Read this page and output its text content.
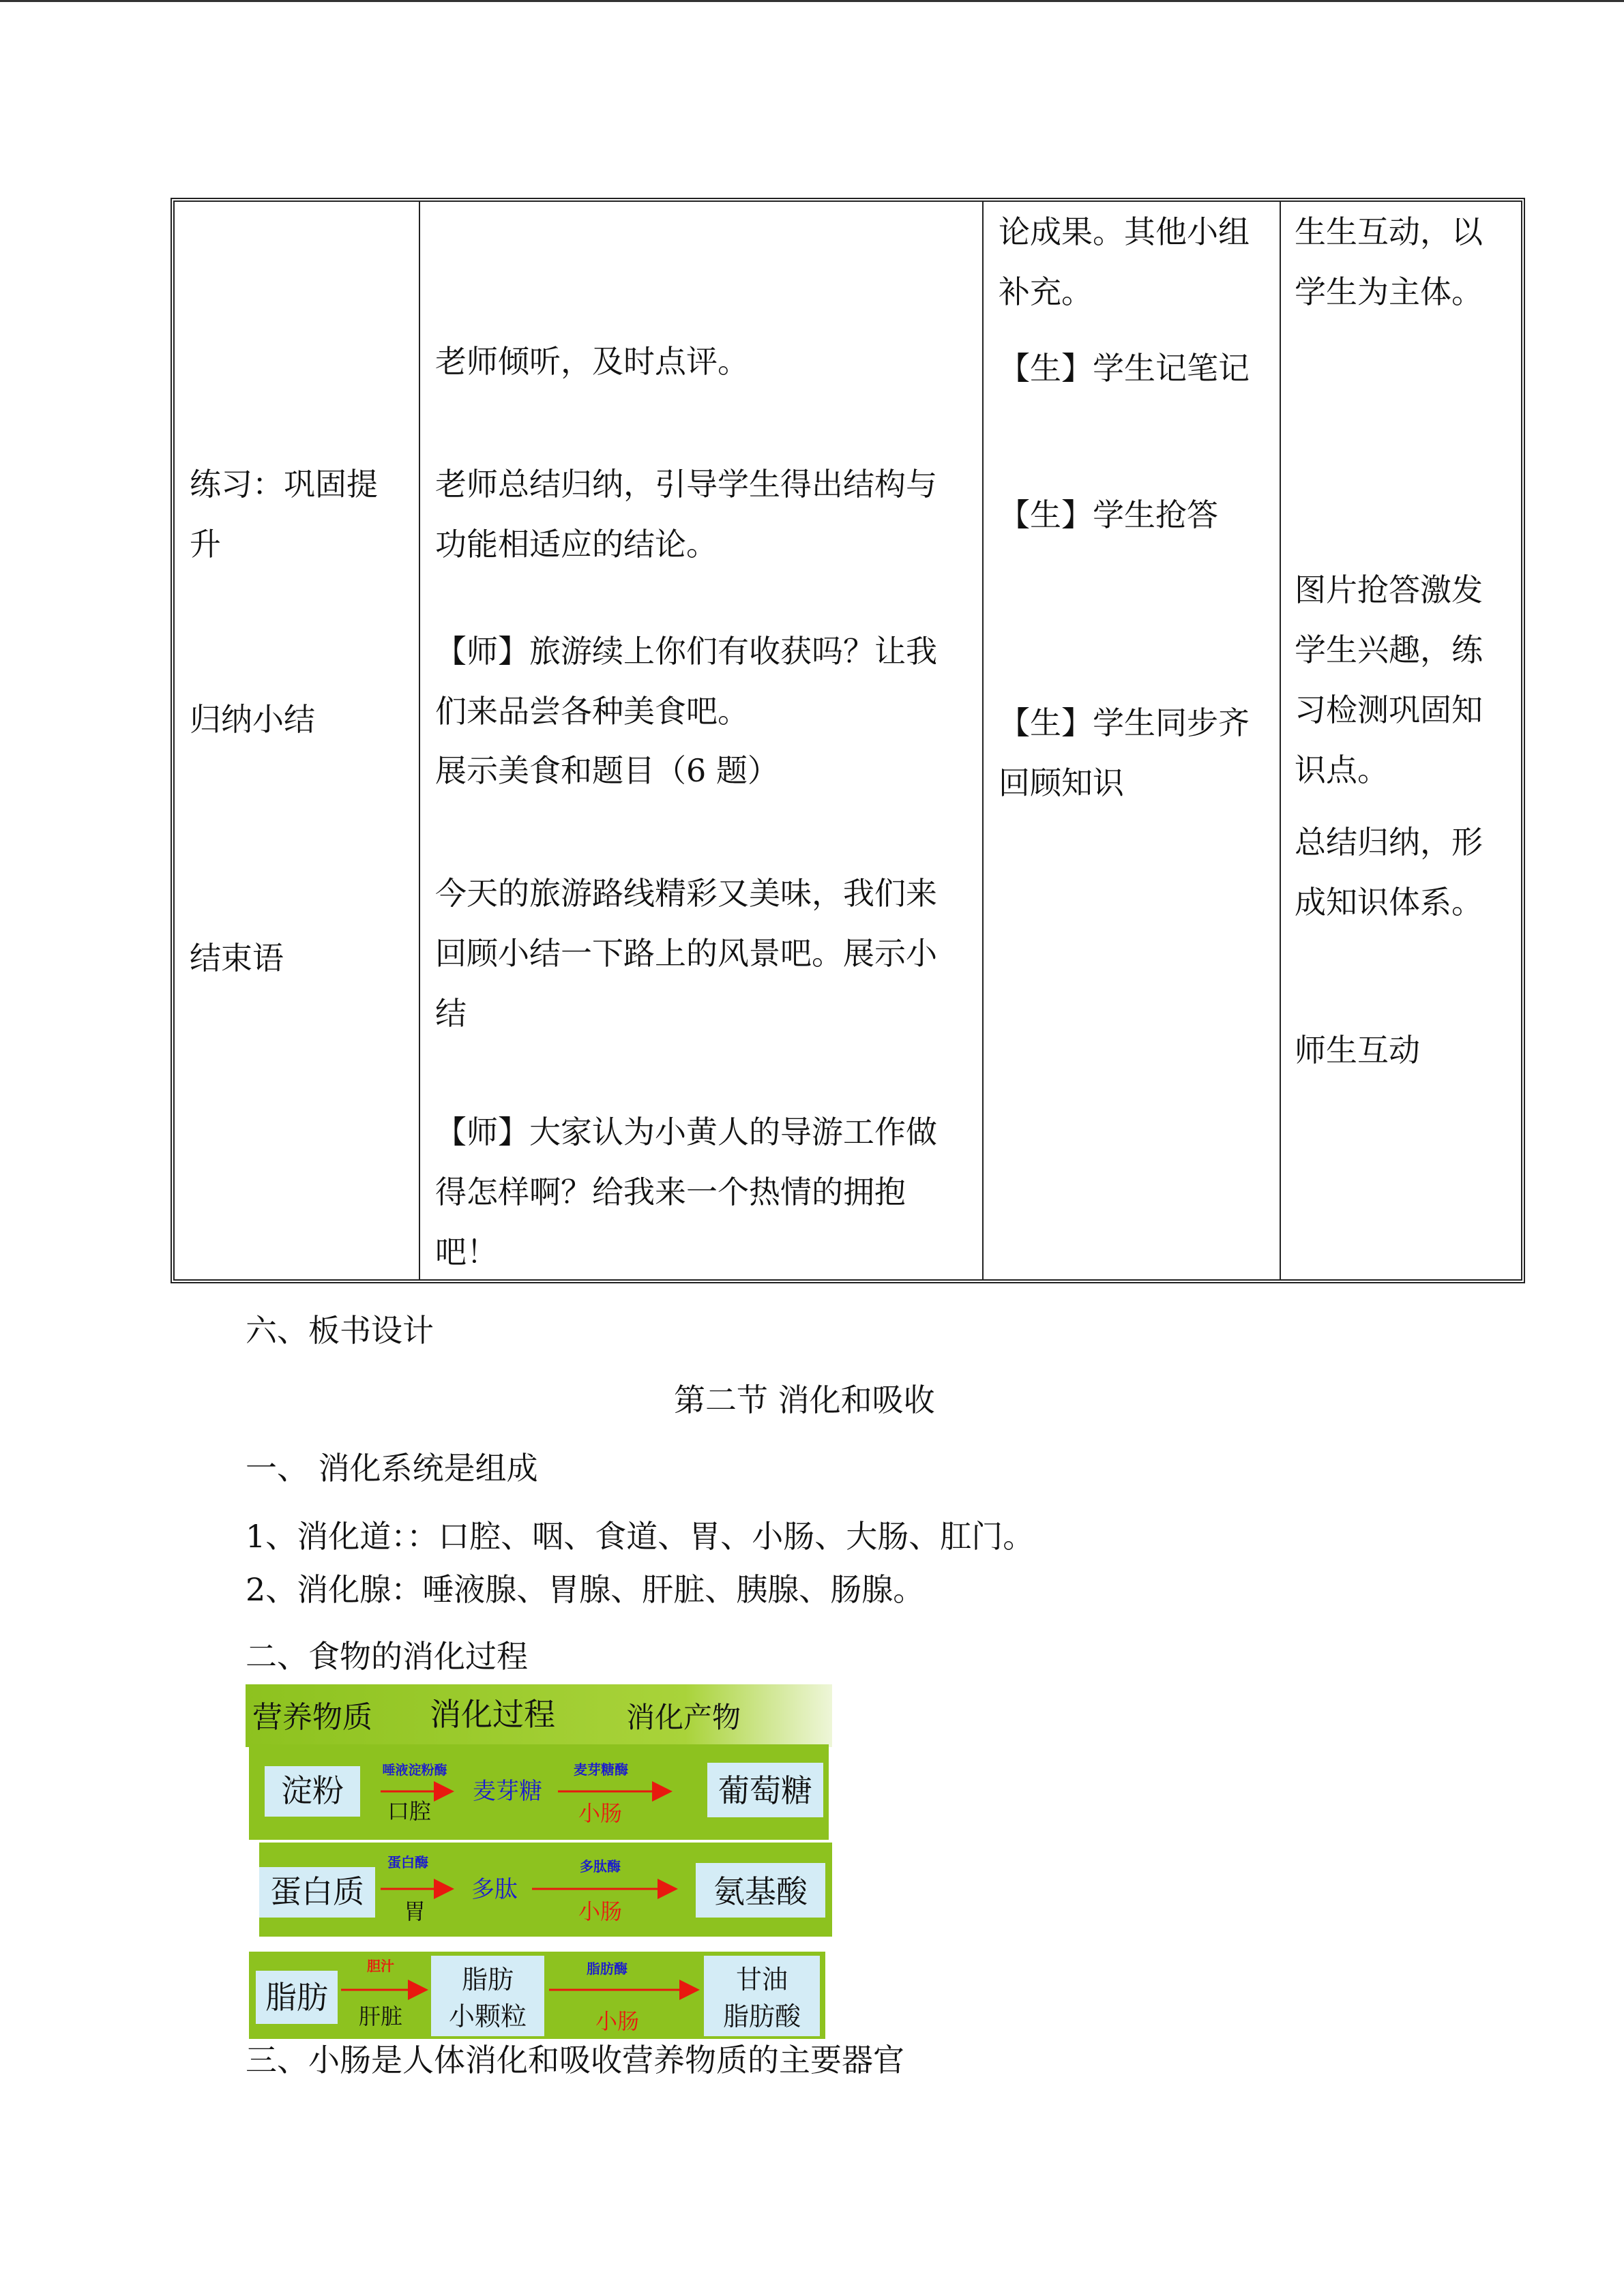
练习：巩固提
升
归纳小结
结束语
老师倾听，及时点评。
老师总结归纳，引导学生得出结构与
功能相适应的结论。
【师】旅游续上你们有收获吗？让我
们来品尝各种美食吧。
展示美食和题目（6 题）
今天的旅游路线精彩又美味，我们来
回顾小结一下路上的风景吧。展示小
结
【师】大家认为小黄人的导游工作做
得怎样啊？给我来一个热情的拥抱
吧！
论成果。其他小组
补充。
【生】学生记笔记
【生】学生抢答
【生】学生同步齐
回顾知识
生生互动，以
学生为主体。
图片抢答激发
学生兴趣，练
习检测巩固知
识点。
总结归纳，形
成知识体系。
师生互动
六、板书设计
第二节 消化和吸收
一、 消化系统是组成
1、消化道：：口腔、咽、食道、胃、小肠、大肠、肛门。
2、消化腺：唾液腺、胃腺、肝脏、胰腺、肠腺。
二、食物的消化过程
营养物质 消化过程 消化产物
淀粉
唾液淀粉酶
口腔
麦芽糖
麦芽糖酶
小肠
葡萄糖
蛋白质
蛋白酶
胃
多肽
多肽酶
小肠
氨基酸
脂肪
胆汁
肝脏
脂肪
小颗粒
脂肪酶
小肠
甘油
脂肪酸
三、小肠是人体消化和吸收营养物质的主要器官
